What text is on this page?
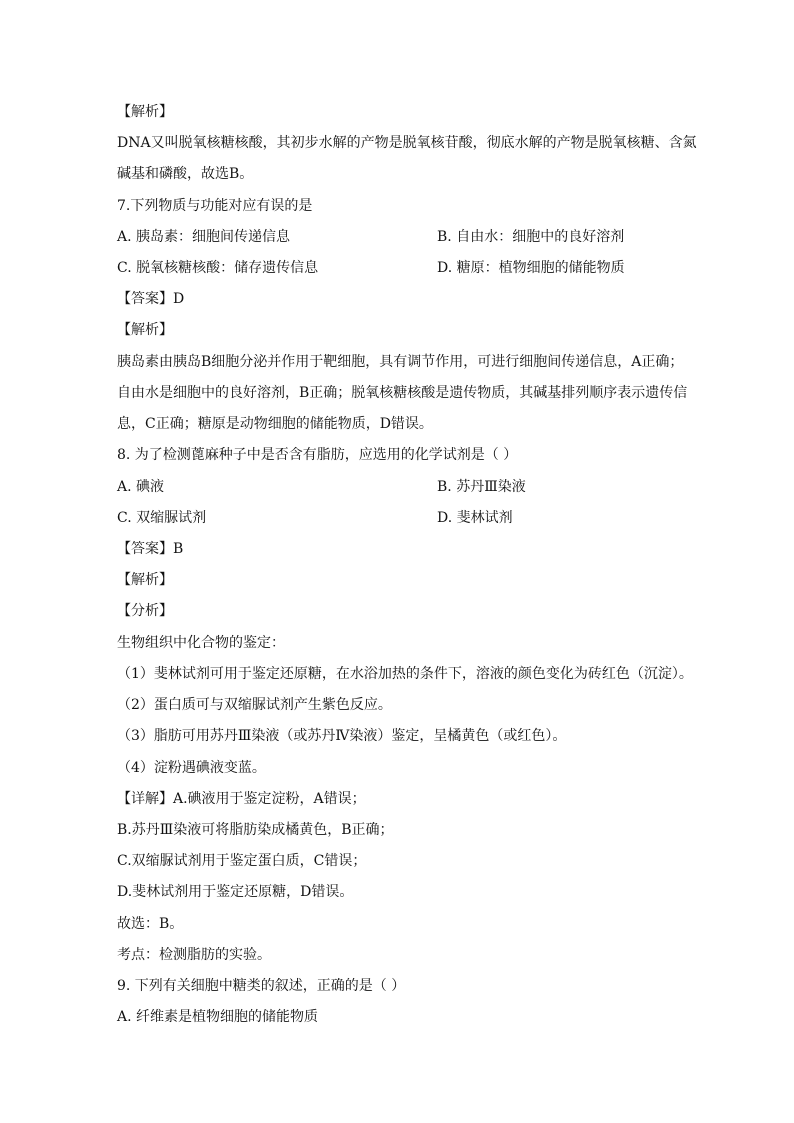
【解析】
DNA又叫脱氧核糖核酸，其初步水解的产物是脱氧核苷酸，彻底水解的产物是脱氧核糖、含氮
碱基和磷酸，故选B。
7.下列物质与功能对应有误的是
A. 胰岛素：细胞间传递信息	B. 自由水：细胞中的良好溶剂
C. 脱氧核糖核酸：储存遗传信息	D. 糖原：植物细胞的储能物质
【答案】D
【解析】
胰岛素由胰岛B细胞分泌并作用于靶细胞，具有调节作用，可进行细胞间传递信息，A正确；
自由水是细胞中的良好溶剂，B正确；脱氧核糖核酸是遗传物质，其碱基排列顺序表示遗传信
息，C正确；糖原是动物细胞的储能物质，D错误。
8. 为了检测蓖麻种子中是否含有脂肪，应选用的化学试剂是（ ）
A. 碘液	B. 苏丹Ⅲ染液
C. 双缩脲试剂	D. 斐林试剂
【答案】B
【解析】
【分析】
生物组织中化合物的鉴定：
（1）斐林试剂可用于鉴定还原糖，在水浴加热的条件下，溶液的颜色变化为砖红色（沉淀）。
（2）蛋白质可与双缩脲试剂产生紫色反应。
（3）脂肪可用苏丹Ⅲ染液（或苏丹Ⅳ染液）鉴定，呈橘黄色（或红色）。
（4）淀粉遇碘液变蓝。
【详解】A.碘液用于鉴定淀粉，A错误；
B.苏丹Ⅲ染液可将脂肪染成橘黄色，B正确；
C.双缩脲试剂用于鉴定蛋白质，C错误；
D.斐林试剂用于鉴定还原糖，D错误。
故选：B。
考点：检测脂肪的实验。
9. 下列有关细胞中糖类的叙述，正确的是（ ）
A. 纤维素是植物细胞的储能物质
